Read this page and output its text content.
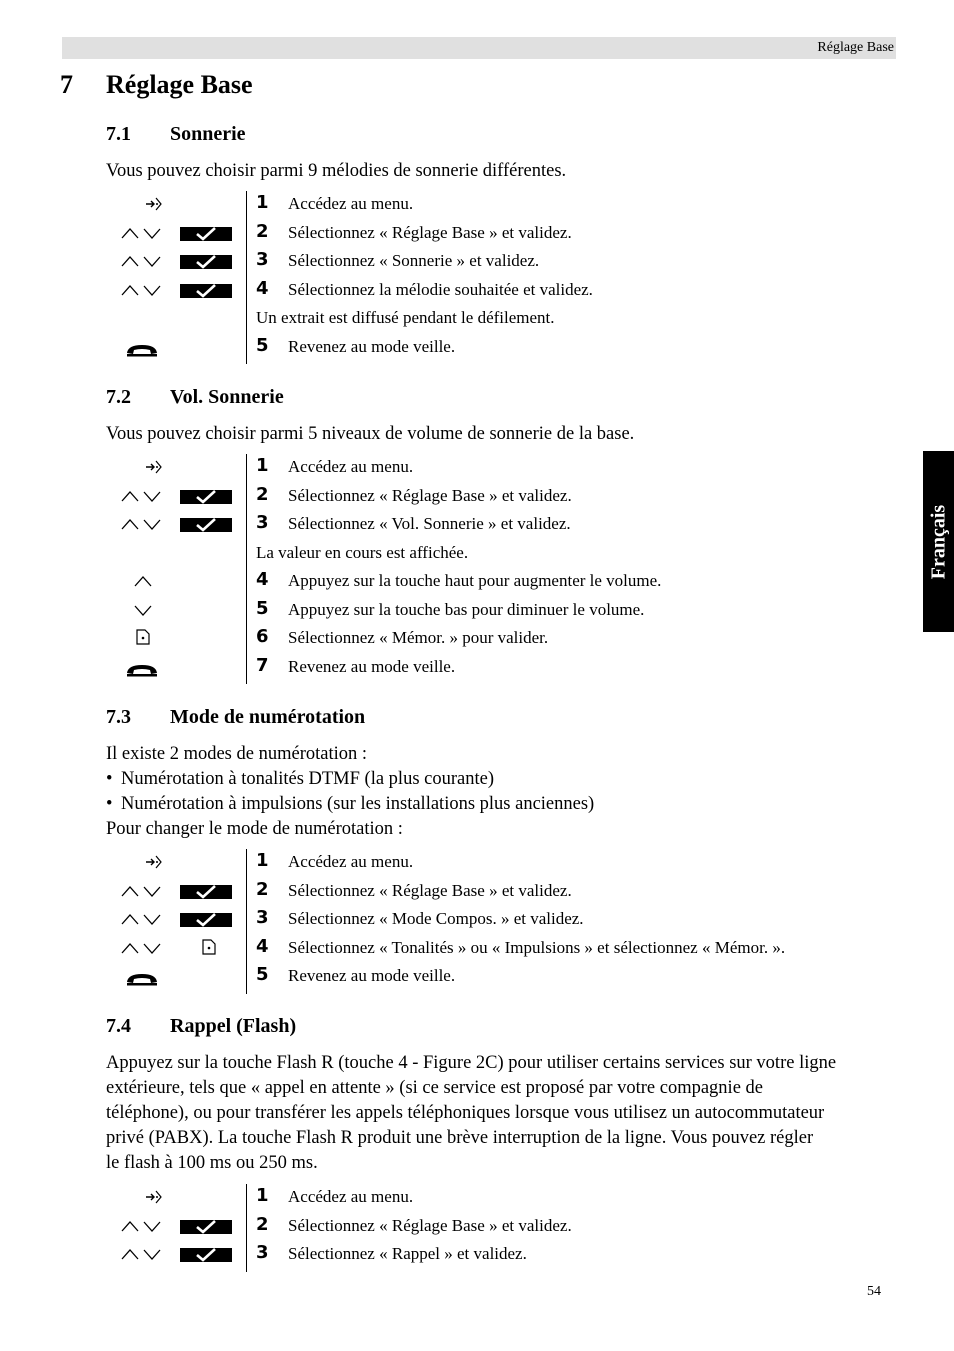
Réglage Base
7 Réglage Base
7.1 Sonnerie
Vous pouvez choisir parmi 9 mélodies de sonnerie différentes.
1 Accédez au menu.
2 Sélectionnez « Réglage Base » et validez.
3 Sélectionnez « Sonnerie » et validez.
4 Sélectionnez la mélodie souhaitée et validez.
Un extrait est diffusé pendant le défilement.
5 Revenez au mode veille.
7.2 Vol. Sonnerie
Vous pouvez choisir parmi 5 niveaux de volume de sonnerie de la base.
1 Accédez au menu.
2 Sélectionnez « Réglage Base » et validez.
3 Sélectionnez « Vol. Sonnerie » et validez.
La valeur en cours est affichée.
4 Appuyez sur la touche haut pour augmenter le volume.
5 Appuyez sur la touche bas pour diminuer le volume.
6 Sélectionnez « Mémor. » pour valider.
7 Revenez au mode veille.
7.3 Mode de numérotation
Il existe 2 modes de numérotation :
• Numérotation à tonalités DTMF (la plus courante)
• Numérotation à impulsions (sur les installations plus anciennes)
Pour changer le mode de numérotation :
1 Accédez au menu.
2 Sélectionnez « Réglage Base » et validez.
3 Sélectionnez « Mode Compos. » et validez.
4 Sélectionnez « Tonalités » ou « Impulsions » et sélectionnez « Mémor. ».
5 Revenez au mode veille.
7.4 Rappel (Flash)
Appuyez sur la touche Flash R (touche 4 - Figure 2C) pour utiliser certains services sur votre ligne
extérieure, tels que « appel en attente » (si ce service est proposé par votre compagnie de
téléphone), ou pour transférer les appels téléphoniques lorsque vous utilisez un autocommutateur
privé (PABX). La touche Flash R produit une brève interruption de la ligne. Vous pouvez régler
le flash à 100 ms ou 250 ms.
1 Accédez au menu.
2 Sélectionnez « Réglage Base » et validez.
3 Sélectionnez « Rappel » et validez.
Français
54
